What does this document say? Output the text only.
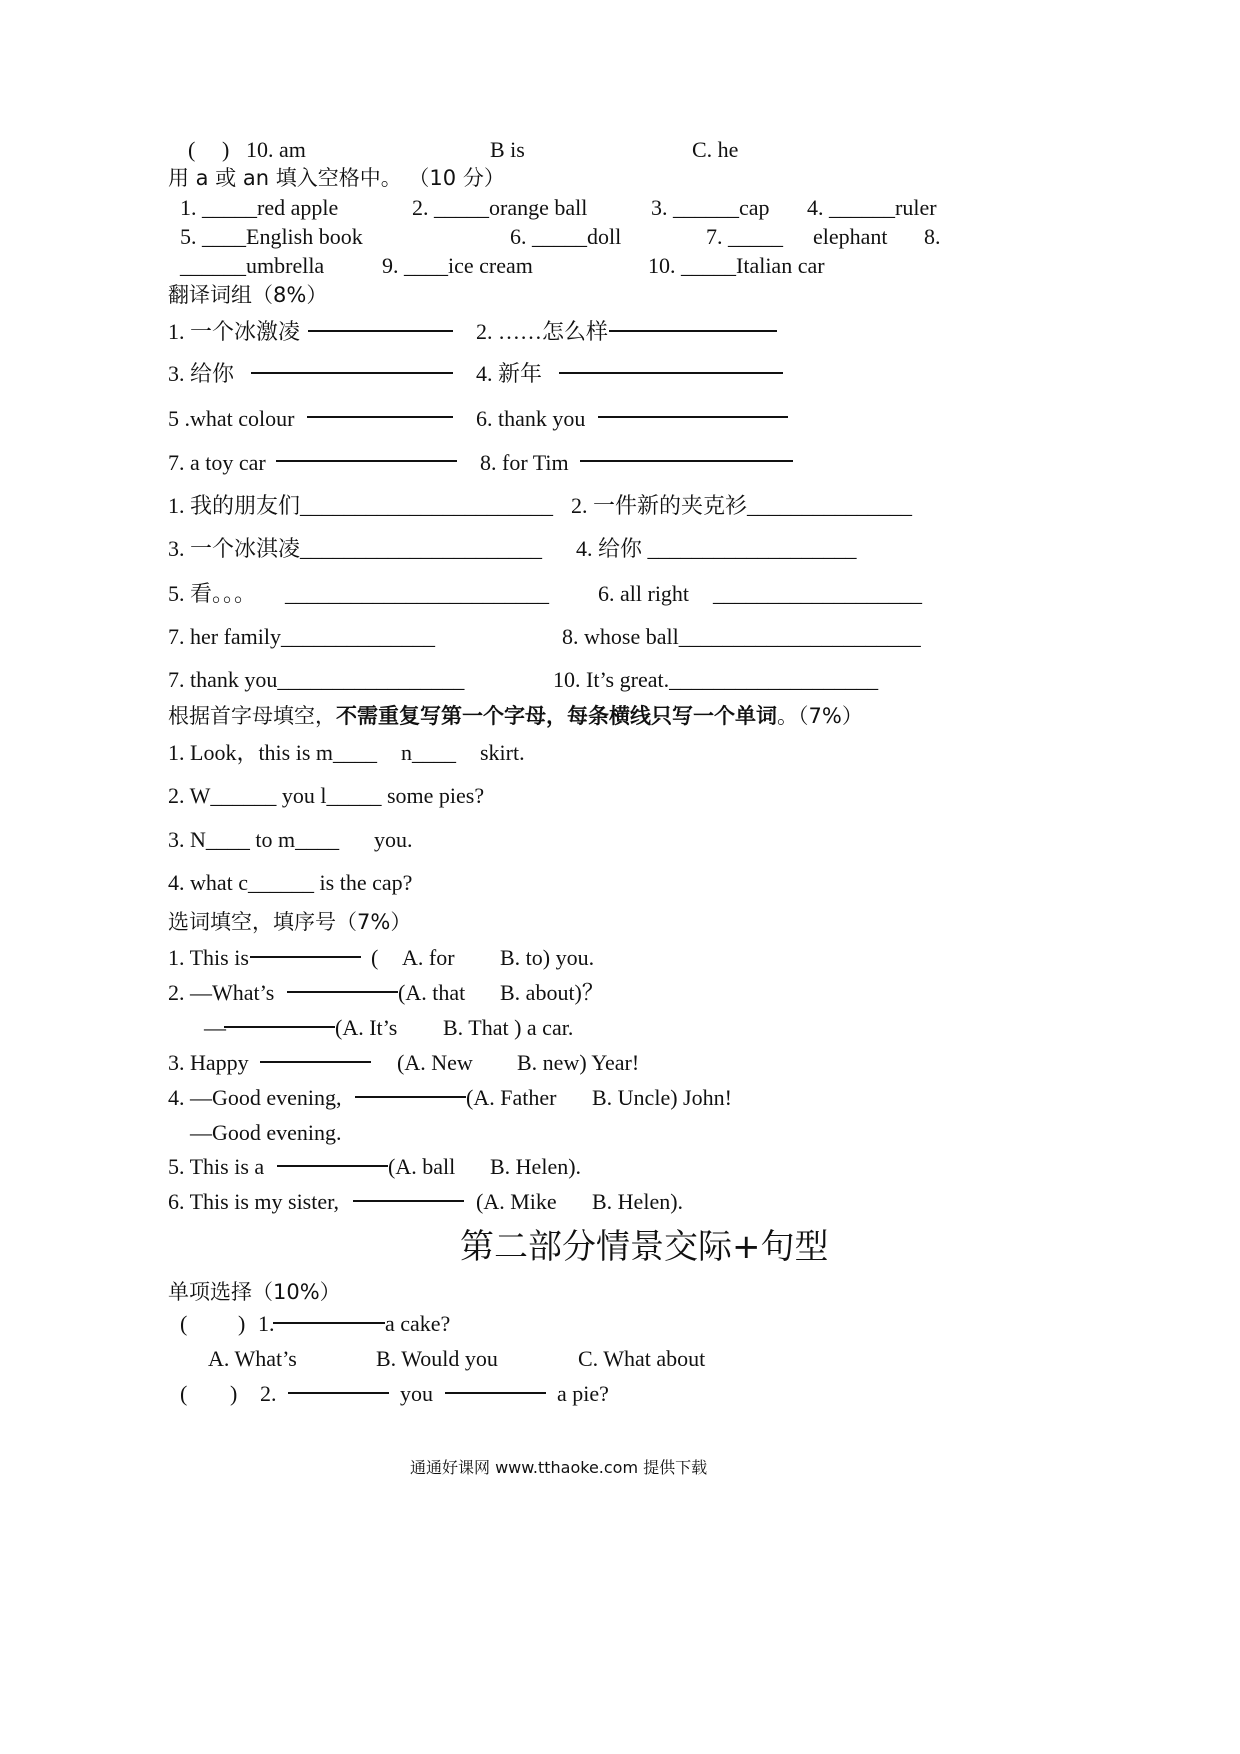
( ) 10. am	B is	C. he
用 a 或 an 填入空格中。 （10 分）
1. _____red apple	2. _____orange ball	3. ______cap 4. ______ruler
5. ____English book	6. _____doll	7. _____ elephant 8.
______umbrella	9. ____ice cream	10. _____Italian car
翻译词组（8%）
1. 一个冰激凌	2. ……怎么样
3. 给你	4. 新年
5 .what colour	6. thank you
7. a toy car	8. for Tim
1. 我的朋友们_______________________ 2. 一件新的夹克衫_______________
3. 一个冰淇凌______________________ 4. 给你 ___________________
5. 看。。。 ________________________ 6. all right ___________________
7. her family______________	8. whose ball______________________
7. thank you_________________	10. It’s great.___________________
根据首字母填空，不需重复写第一个字母，每条横线只写一个单词。（7%）
1. Look，this is m____ n____ skirt.
2. W______ you l_____ some pies?
3. N____ to m____ you.
4. what c______ is the cap?
选词填空，填序号（7%）
1. This is	( A. for B. to) you.
2. —What’s	(A. that B. about)？
—	(A. It’s B. That ) a car.
3. Happy	(A. New B. new) Year!
4. —Good evening,	(A. Father B. Uncle) John!
—Good evening.
5. This is a	(A. ball B. Helen).
6. This is my sister,	(A. Mike B. Helen).
第二部分情景交际+句型
单项选择（10%）
( ) 1.	a cake?
A. What’s	B. Would you	C. What about
( ) 2.	you	a pie?
通通好课网 www.tthaoke.com 提供下载
